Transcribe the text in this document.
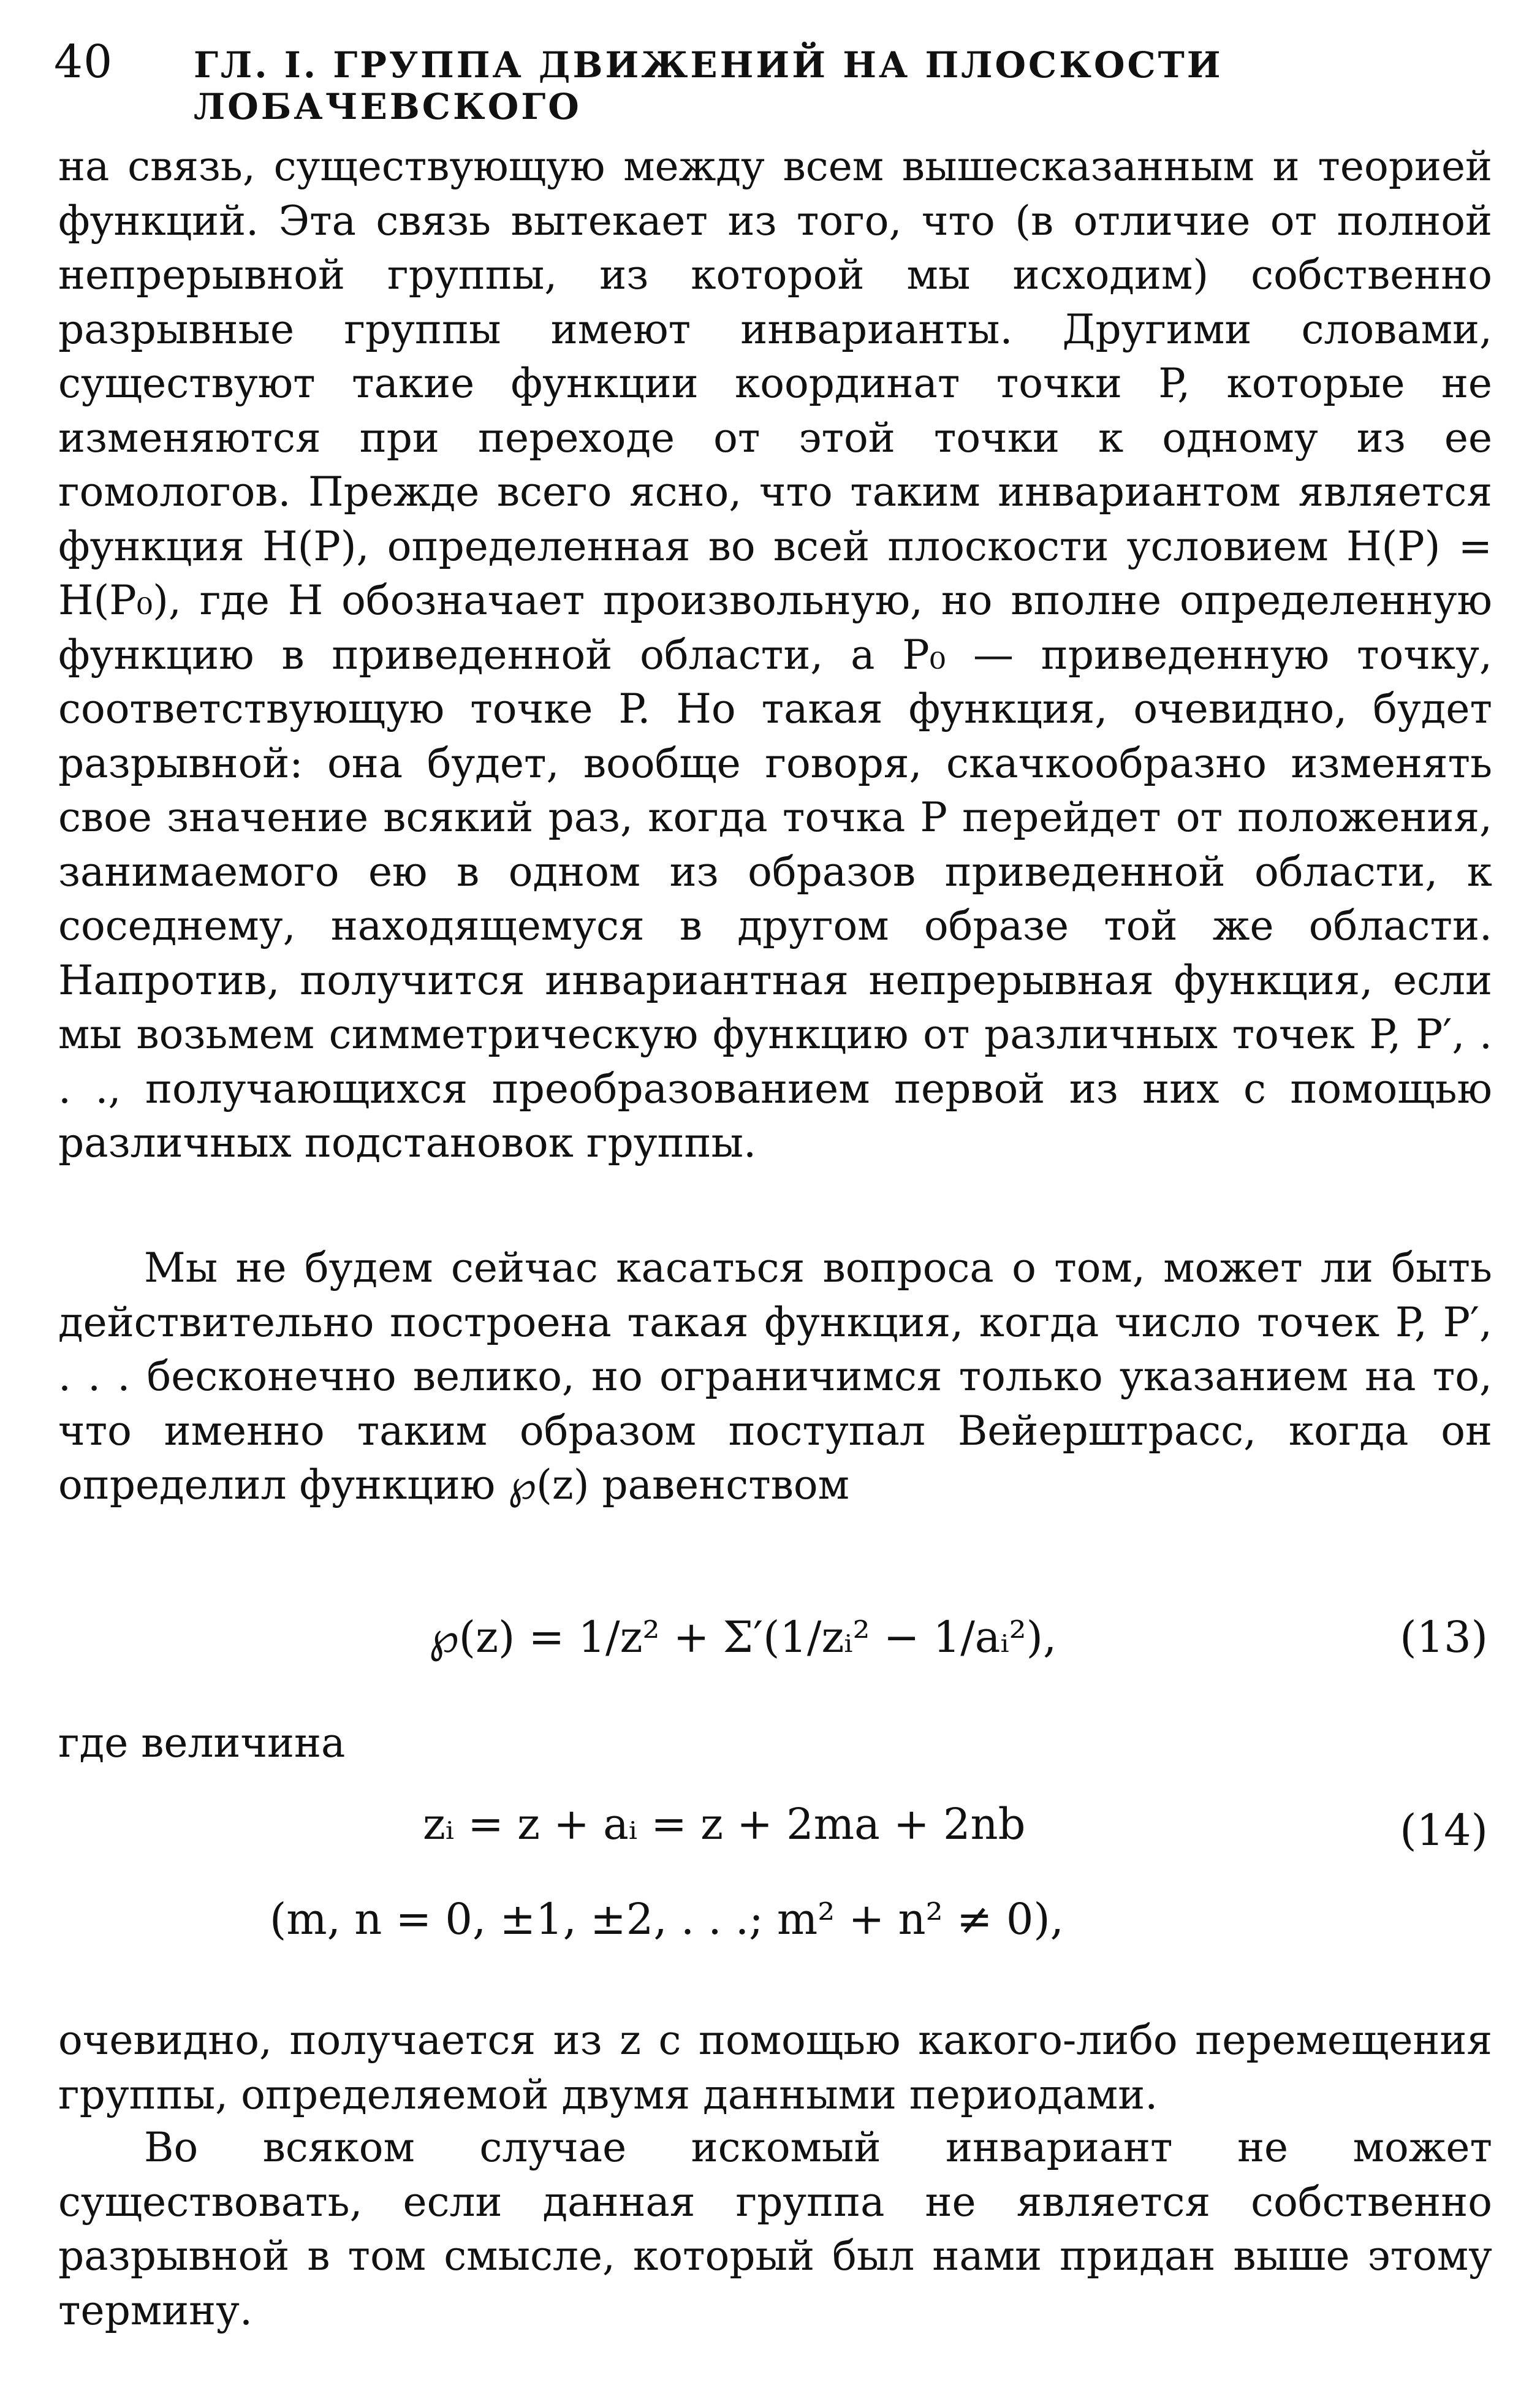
40 ГЛ. I. ГРУППА ДВИЖЕНИЙ НА ПЛОСКОСТИ ЛОБАЧЕВСКОГО

на связь, существующую между всем вышесказанным и теорией функций. Эта связь вытекает из того, что (в отличие от полной непрерывной группы, из которой мы исходим) собственно разрывные группы имеют инварианты. Другими словами, существуют такие функции координат точки P, которые не изменяются при переходе от этой точки к одному из ее гомологов. Прежде всего ясно, что таким инвариантом является функция H(P), определенная во всей плоскости условием H(P) = H(P₀), где H обозначает произвольную, но вполне определенную функцию в приведенной области, а P₀ — приведенную точку, соответствующую точке P. Но такая функция, очевидно, будет разрывной: она будет, вообще говоря, скачкообразно изменять свое значение всякий раз, когда точка P перейдет от положения, занимаемого ею в одном из образов приведенной области, к соседнему, находящемуся в другом образе той же области. Напротив, получится инвариантная непрерывная функция, если мы возьмем симметрическую функцию от различных точек P, P′, . . ., получающихся преобразованием первой из них с помощью различных подстановок группы.

Мы не будем сейчас касаться вопроса о том, может ли быть действительно построена такая функция, когда число точек P, P′, . . . бесконечно велико, но ограничимся только указанием на то, что именно таким образом поступал Вейерштрасс, когда он определил функцию ℘(z) равенством

℘(z) = 1/z² + Σ′(1/zᵢ² − 1/aᵢ²),	(13)
где величина
zᵢ = z + aᵢ = z + 2ma + 2nb	(14)
(m, n = 0, ±1, ±2, . . .; m² + n² ≠ 0),

очевидно, получается из z с помощью какого-либо перемещения группы, определяемой двумя данными периодами.

Во всяком случае искомый инвариант не может существовать, если данная группа не является собственно разрывной в том смысле, который был нами придан выше этому термину.
